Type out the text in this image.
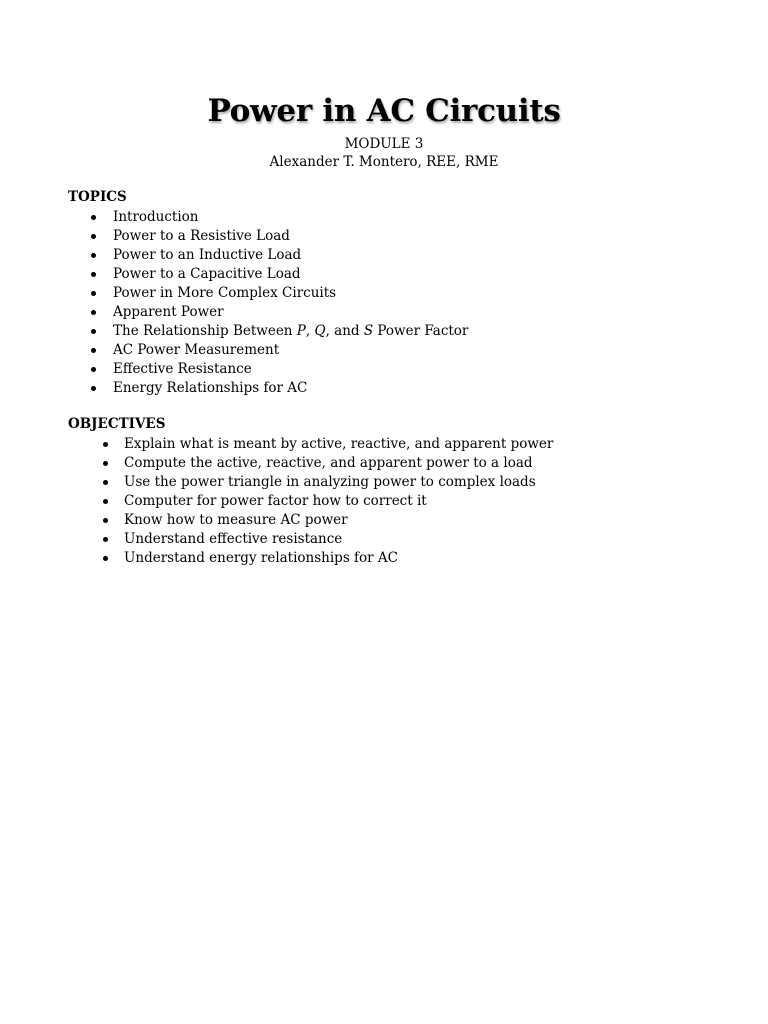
Power in AC Circuits
MODULE 3
Alexander T. Montero, REE, RME
TOPICS
Introduction
Power to a Resistive Load
Power to an Inductive Load
Power to a Capacitive Load
Power in More Complex Circuits
Apparent Power
The Relationship Between P, Q, and S Power Factor
AC Power Measurement
Effective Resistance
Energy Relationships for AC
OBJECTIVES
Explain what is meant by active, reactive, and apparent power
Compute the active, reactive, and apparent power to a load
Use the power triangle in analyzing power to complex loads
Computer for power factor how to correct it
Know how to measure AC power
Understand effective resistance
Understand energy relationships for AC
